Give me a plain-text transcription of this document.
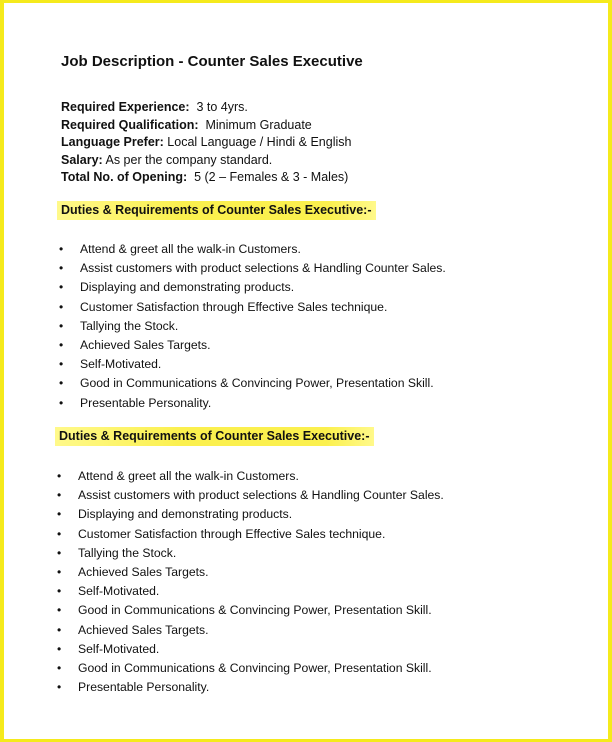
Job Description - Counter Sales Executive
Required Experience: 3 to 4yrs.
Required Qualification: Minimum Graduate
Language Prefer: Local Language / Hindi & English
Salary: As per the company standard.
Total No. of Opening: 5 (2 – Females & 3 - Males)
Duties & Requirements of Counter Sales Executive:-
• Attend & greet all the walk-in Customers.
• Assist customers with product selections & Handling Counter Sales.
• Displaying and demonstrating products.
• Customer Satisfaction through Effective Sales technique.
• Tallying the Stock.
• Achieved Sales Targets.
• Self-Motivated.
• Good in Communications & Convincing Power, Presentation Skill.
• Presentable Personality.
Duties & Requirements of Counter Sales Executive:-
• Attend & greet all the walk-in Customers.
• Assist customers with product selections & Handling Counter Sales.
• Displaying and demonstrating products.
• Customer Satisfaction through Effective Sales technique.
• Tallying the Stock.
• Achieved Sales Targets.
• Self-Motivated.
• Good in Communications & Convincing Power, Presentation Skill.
• Achieved Sales Targets.
• Self-Motivated.
• Good in Communications & Convincing Power, Presentation Skill.
• Presentable Personality.
